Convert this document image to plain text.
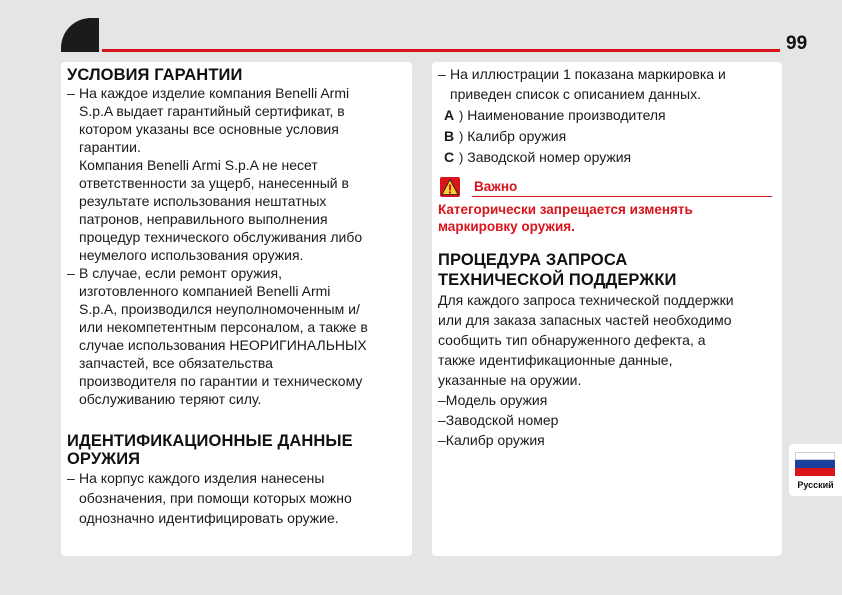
99
УСЛОВИЯ ГАРАНТИИ
– На каждое изделие компания Benelli Armi
S.p.A выдает гарантийный сертификат, в
котором указаны все основные условия
гарантии.
Компания Benelli Armi S.p.A не несет
ответственности за ущерб, нанесенный в
результате использования нештатных
патронов, неправильного выполнения
процедур технического обслуживания либо
неумелого использования оружия.
– В случае, если ремонт оружия,
изготовленного компанией Benelli Armi
S.p.A, производился неуполномоченным и/
или некомпетентным персоналом, а также в
случае использования НЕОРИГИНАЛЬНЫХ
запчастей, все обязательства
производителя по гарантии и техническому
обслуживанию теряют силу.
ИДЕНТИФИКАЦИОННЫЕ ДАННЫЕ
ОРУЖИЯ
– На корпус каждого изделия нанесены
обозначения, при помощи которых можно
однозначно идентифицировать оружие.
– На иллюстрации 1 показана маркировка и
приведен список с описанием данных.
A ) Наименование производителя
B ) Калибр оружия
C ) Заводской номер оружия
Важно
Категорически запрещается изменять
маркировку оружия.
ПРОЦЕДУРА ЗАПРОСА
ТЕХНИЧЕСКОЙ ПОДДЕРЖКИ
Для каждого запроса технической поддержки
или для заказа запасных частей необходимо
сообщить тип обнаруженного дефекта, а
также идентификационные данные,
указанные на оружии.
–Модель оружия
–Заводской номер
–Калибр оружия
Русский
